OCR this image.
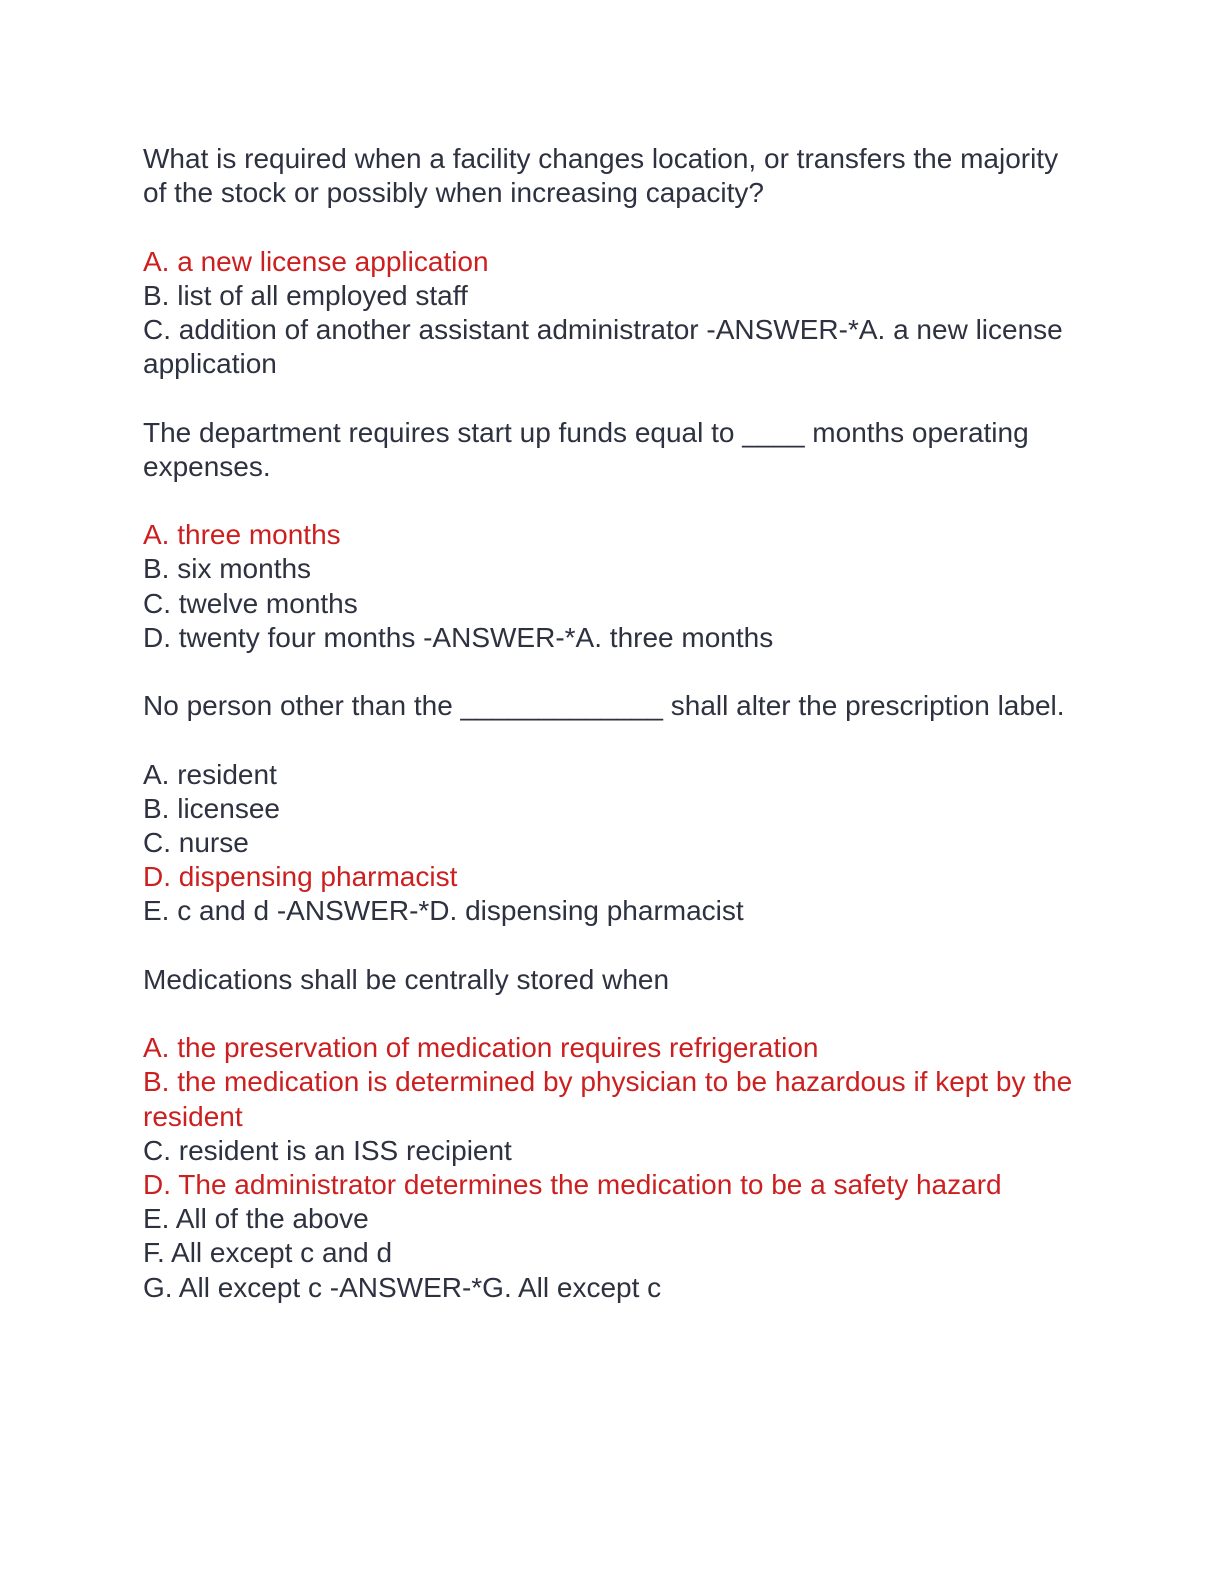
What is required when a facility changes location, or transfers the majority of the stock or possibly when increasing capacity?

A. a new license application

B. list of all employed staff

C. addition of another assistant administrator -ANSWER-*A. a new license application

The department requires start up funds equal to ____ months operating expenses.

A. three months

B. six months

C. twelve months

D. twenty four months -ANSWER-*A. three months

No person other than the _____________ shall alter the prescription label.

A. resident

B. licensee

C. nurse

D. dispensing pharmacist

E. c and d -ANSWER-*D. dispensing pharmacist

Medications shall be centrally stored when

A. the preservation of medication requires refrigeration

B. the medication is determined by physician to be hazardous if kept by the resident

C. resident is an ISS recipient

D. The administrator determines the medication to be a safety hazard

E. All of the above

F. All except c and d

G. All except c -ANSWER-*G. All except c
